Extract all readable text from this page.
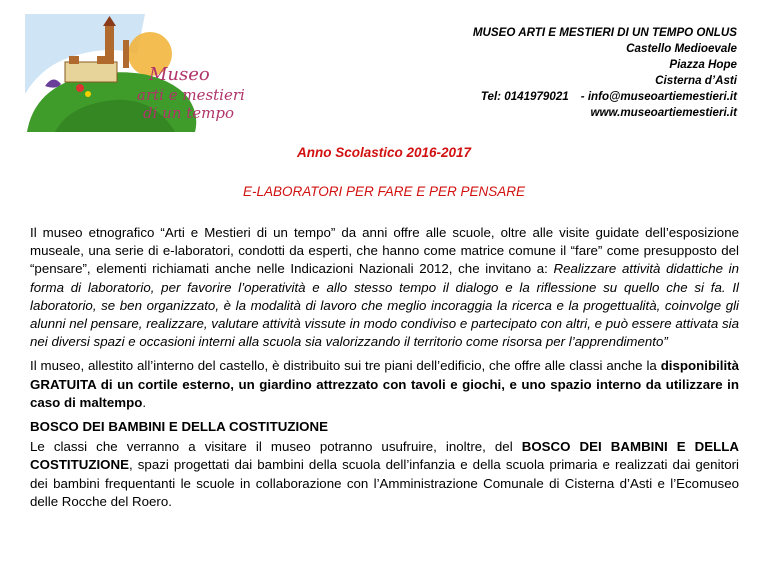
Museo
arti e mestieri
di un tempo
MUSEO ARTI E MESTIERI DI UN TEMPO ONLUS
Castello Medioevale
Piazza Hope
Cisterna d’Asti
Tel: 0141979021 - info@museoartiemestieri.it
www.museoartiemestieri.it
Anno Scolastico 2016-2017
E-LABORATORI PER FARE E PER PENSARE

Il museo etnografico “Arti e Mestieri di un tempo” da anni offre alle scuole, oltre alle visite guidate dell’esposizione museale, una serie di e-laboratori, condotti da esperti, che hanno come matrice comune il “fare” come presupposto del “pensare”, elementi richiamati anche nelle Indicazioni Nazionali 2012, che invitano a: Realizzare attività didattiche in forma di laboratorio, per favorire l’operatività e allo stesso tempo il dialogo e la riflessione su quello che si fa. Il laboratorio, se ben organizzato, è la modalità di lavoro che meglio incoraggia la ricerca e la progettualità, coinvolge gli alunni nel pensare, realizzare, valutare attività vissute in modo condiviso e partecipato con altri, e può essere attivata sia nei diversi spazi e occasioni interni alla scuola sia valorizzando il territorio come risorsa per l’apprendimento”

Il museo, allestito all’interno del castello, è distribuito sui tre piani dell’edificio, che offre alle classi anche la disponibilità GRATUITA di un cortile esterno, un giardino attrezzato con tavoli e giochi, e uno spazio interno da utilizzare in caso di maltempo.

BOSCO DEI BAMBINI E DELLA COSTITUZIONE

Le classi che verranno a visitare il museo potranno usufruire, inoltre, del BOSCO DEI BAMBINI E DELLA COSTITUZIONE, spazi progettati dai bambini della scuola dell’infanzia e della scuola primaria e realizzati dai genitori dei bambini frequentanti le scuole in collaborazione con l’Amministrazione Comunale di Cisterna d’Asti e l’Ecomuseo delle Rocche del Roero.
